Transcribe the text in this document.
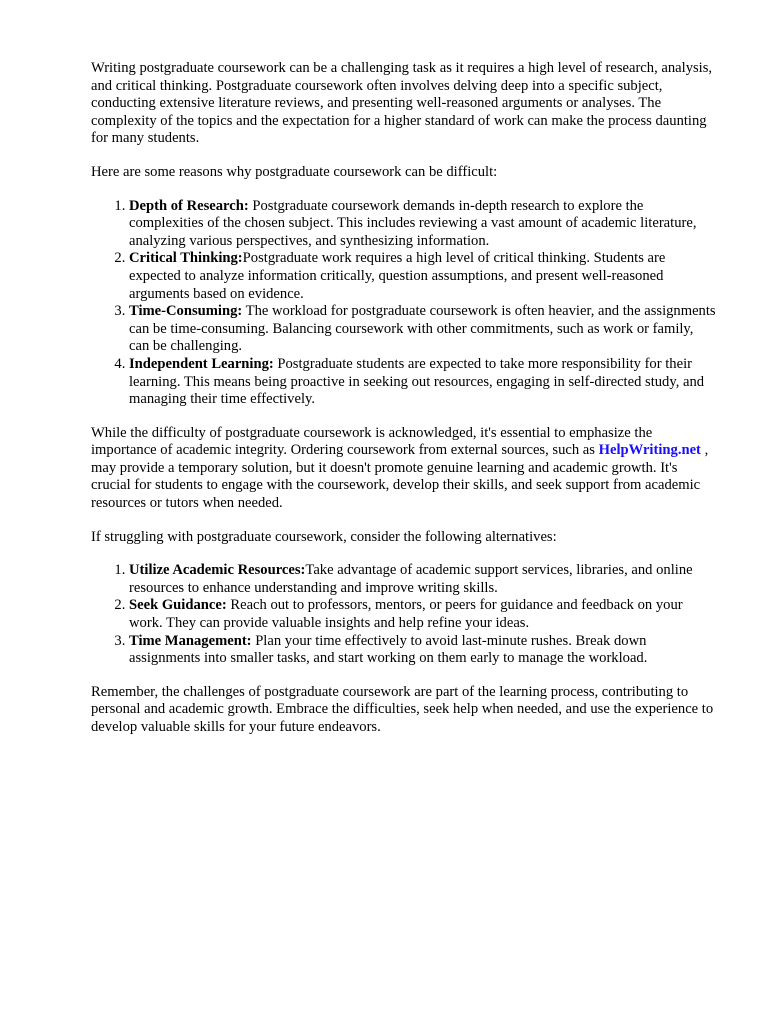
Writing postgraduate coursework can be a challenging task as it requires a high level of research, analysis, and critical thinking. Postgraduate coursework often involves delving deep into a specific subject, conducting extensive literature reviews, and presenting well-reasoned arguments or analyses. The complexity of the topics and the expectation for a higher standard of work can make the process daunting for many students.

Here are some reasons why postgraduate coursework can be difficult:

1. Depth of Research: Postgraduate coursework demands in-depth research to explore the complexities of the chosen subject. This includes reviewing a vast amount of academic literature, analyzing various perspectives, and synthesizing information.
2. Critical Thinking:Postgraduate work requires a high level of critical thinking. Students are expected to analyze information critically, question assumptions, and present well-reasoned arguments based on evidence.
3. Time-Consuming: The workload for postgraduate coursework is often heavier, and the assignments can be time-consuming. Balancing coursework with other commitments, such as work or family, can be challenging.
4. Independent Learning: Postgraduate students are expected to take more responsibility for their learning. This means being proactive in seeking out resources, engaging in self-directed study, and managing their time effectively.

While the difficulty of postgraduate coursework is acknowledged, it's essential to emphasize the importance of academic integrity. Ordering coursework from external sources, such as HelpWriting.net , may provide a temporary solution, but it doesn't promote genuine learning and academic growth. It's crucial for students to engage with the coursework, develop their skills, and seek support from academic resources or tutors when needed.

If struggling with postgraduate coursework, consider the following alternatives:

1. Utilize Academic Resources:Take advantage of academic support services, libraries, and online resources to enhance understanding and improve writing skills.
2. Seek Guidance: Reach out to professors, mentors, or peers for guidance and feedback on your work. They can provide valuable insights and help refine your ideas.
3. Time Management: Plan your time effectively to avoid last-minute rushes. Break down assignments into smaller tasks, and start working on them early to manage the workload.

Remember, the challenges of postgraduate coursework are part of the learning process, contributing to personal and academic growth. Embrace the difficulties, seek help when needed, and use the experience to develop valuable skills for your future endeavors.
